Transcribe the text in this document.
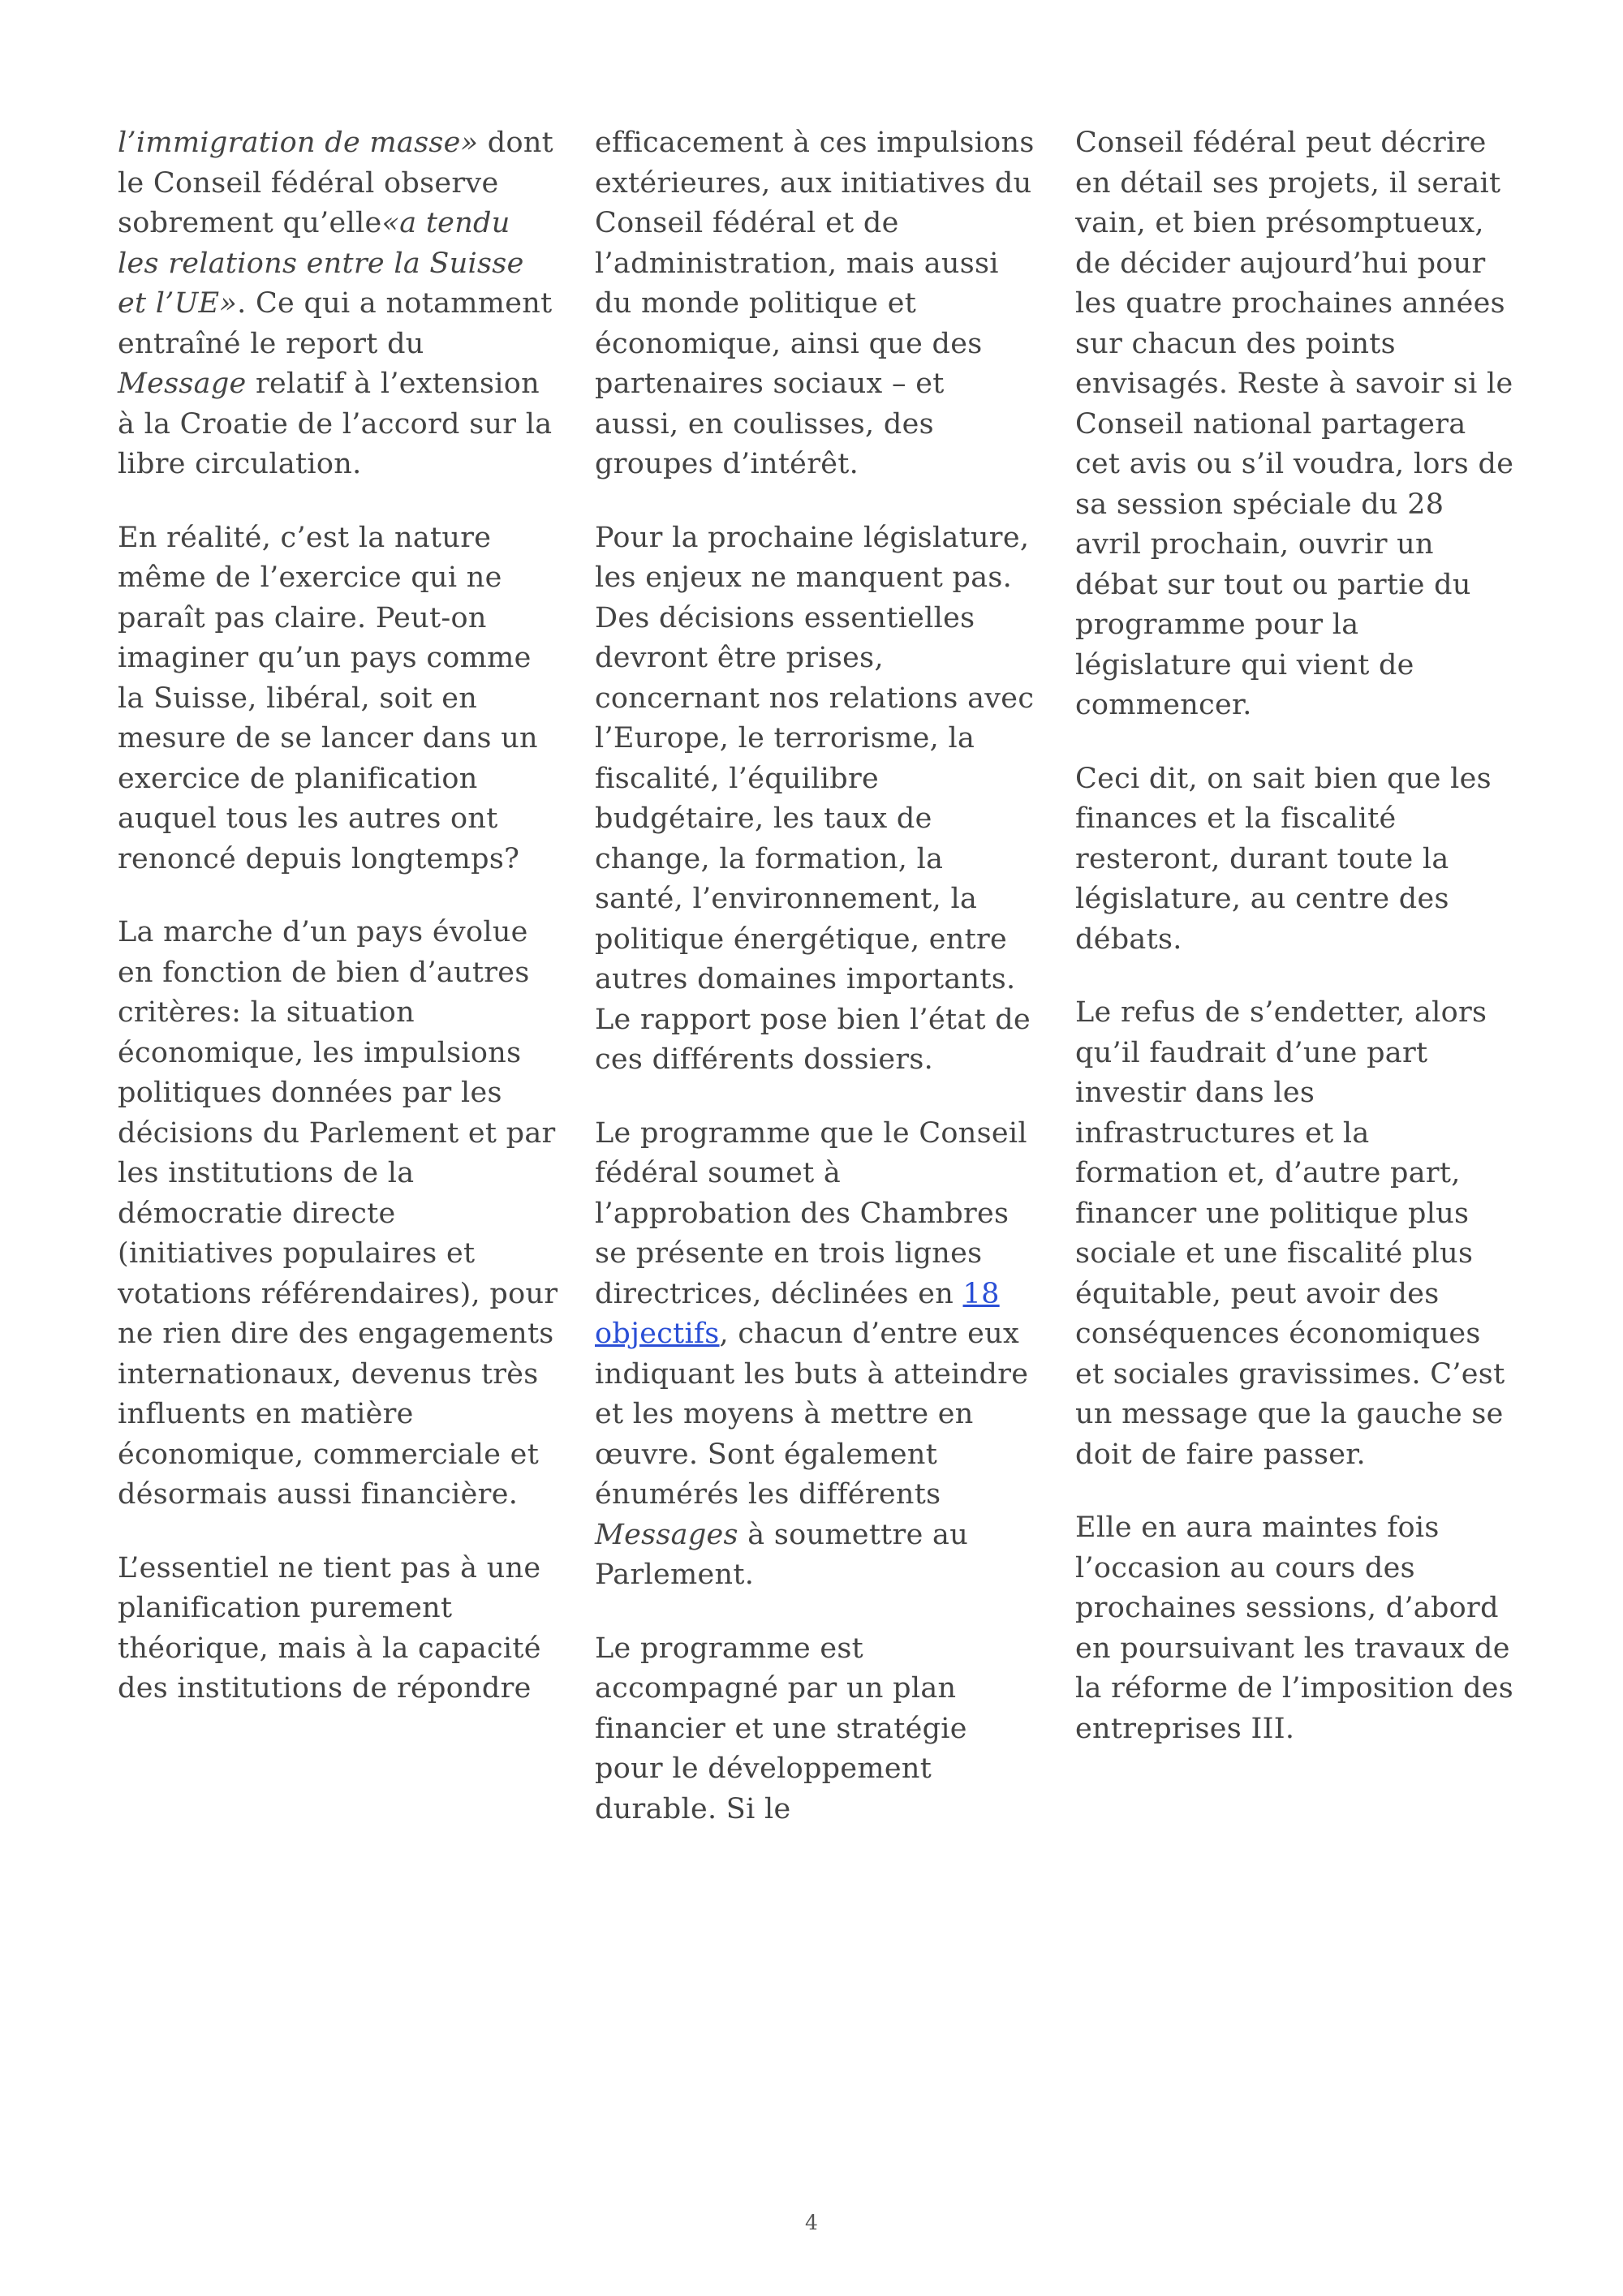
l’immigration de masse» dont le Conseil fédéral observe sobrement qu’elle«a tendu les relations entre la Suisse et l’UE». Ce qui a notamment entraîné le report du Message relatif à l’extension à la Croatie de l’accord sur la libre circulation.

En réalité, c’est la nature même de l’exercice qui ne paraît pas claire. Peut-on imaginer qu’un pays comme la Suisse, libéral, soit en mesure de se lancer dans un exercice de planification auquel tous les autres ont renoncé depuis longtemps?

La marche d’un pays évolue en fonction de bien d’autres critères: la situation économique, les impulsions politiques données par les décisions du Parlement et par les institutions de la démocratie directe (initiatives populaires et votations référendaires), pour ne rien dire des engagements internationaux, devenus très influents en matière économique, commerciale et désormais aussi financière.

L’essentiel ne tient pas à une planification purement théorique, mais à la capacité des institutions de répondre

efficacement à ces impulsions extérieures, aux initiatives du Conseil fédéral et de l’administration, mais aussi du monde politique et économique, ainsi que des partenaires sociaux – et aussi, en coulisses, des groupes d’intérêt.

Pour la prochaine législature, les enjeux ne manquent pas. Des décisions essentielles devront être prises, concernant nos relations avec l’Europe, le terrorisme, la fiscalité, l’équilibre budgétaire, les taux de change, la formation, la santé, l’environnement, la politique énergétique, entre autres domaines importants. Le rapport pose bien l’état de ces différents dossiers.

Le programme que le Conseil fédéral soumet à l’approbation des Chambres se présente en trois lignes directrices, déclinées en 18 objectifs, chacun d’entre eux indiquant les buts à atteindre et les moyens à mettre en œuvre. Sont également énumérés les différents Messages à soumettre au Parlement.

Le programme est accompagné par un plan financier et une stratégie pour le développement durable. Si le

Conseil fédéral peut décrire en détail ses projets, il serait vain, et bien présomptueux, de décider aujourd’hui pour les quatre prochaines années sur chacun des points envisagés. Reste à savoir si le Conseil national partagera cet avis ou s’il voudra, lors de sa session spéciale du 28 avril prochain, ouvrir un débat sur tout ou partie du programme pour la législature qui vient de commencer.

Ceci dit, on sait bien que les finances et la fiscalité resteront, durant toute la législature, au centre des débats.

Le refus de s’endetter, alors qu’il faudrait d’une part investir dans les infrastructures et la formation et, d’autre part, financer une politique plus sociale et une fiscalité plus équitable, peut avoir des conséquences économiques et sociales gravissimes. C’est un message que la gauche se doit de faire passer.

Elle en aura maintes fois l’occasion au cours des prochaines sessions, d’abord en poursuivant les travaux de la réforme de l’imposition des entreprises III.

4
